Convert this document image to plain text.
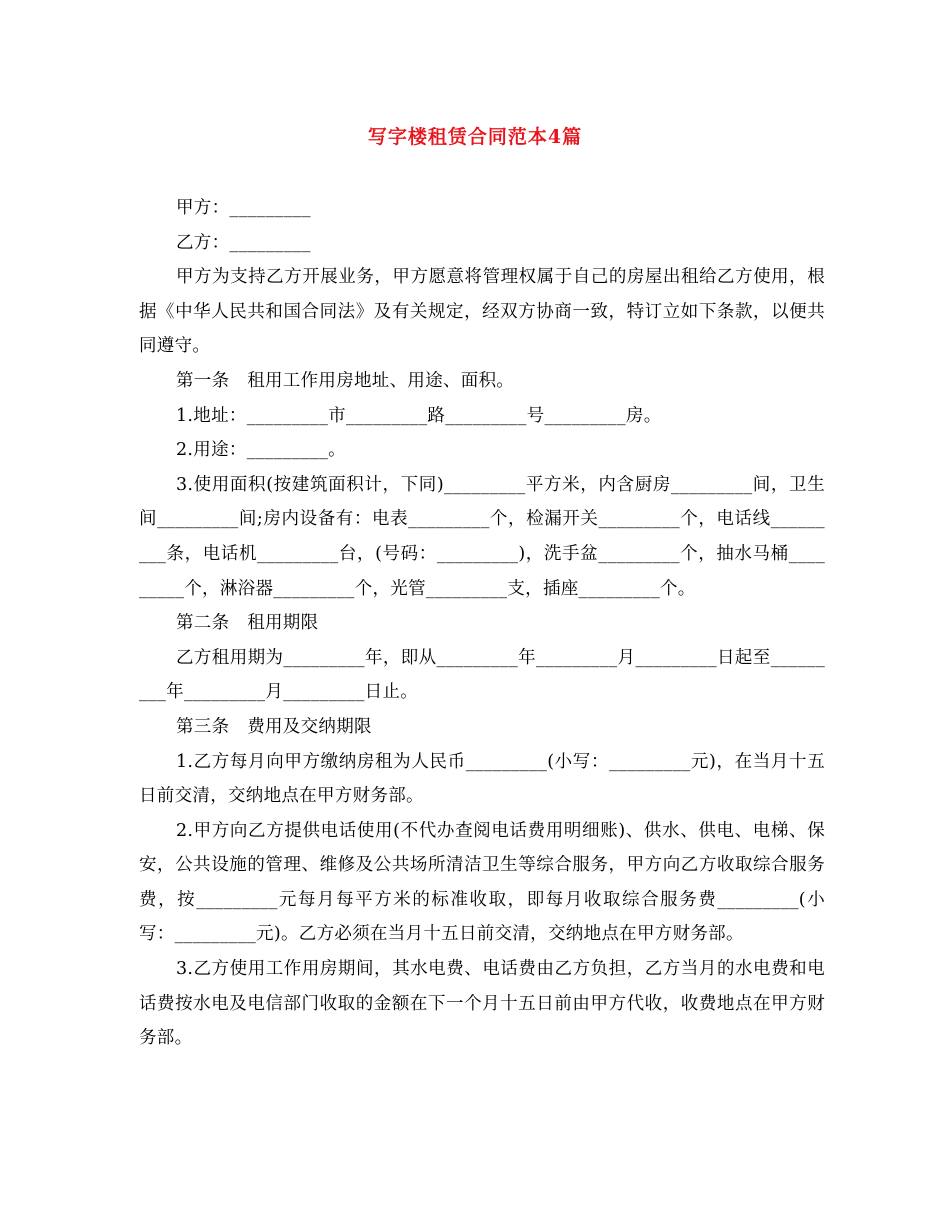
写字楼租赁合同范本4篇

甲方：_________

乙方：_________

甲方为支持乙方开展业务，甲方愿意将管理权属于自己的房屋出租给乙方使用，根据《中华人民共和国合同法》及有关规定，经双方协商一致，特订立如下条款，以便共同遵守。

第一条　租用工作用房地址、用途、面积。

1.地址：_________市_________路_________号_________房。

2.用途：_________。

3.使用面积(按建筑面积计，下同)_________平方米，内含厨房_________间，卫生间_________间;房内设备有：电表_________个，检漏开关_________个，电话线_________条，电话机_________台，(号码：_________)，洗手盆_________个，抽水马桶_________个，淋浴器_________个，光管_________支，插座_________个。

第二条　租用期限

乙方租用期为_________年，即从_________年_________月_________日起至_________年_________月_________日止。

第三条　费用及交纳期限

1.乙方每月向甲方缴纳房租为人民币_________(小写：_________元)，在当月十五日前交清，交纳地点在甲方财务部。

2.甲方向乙方提供电话使用(不代办查阅电话费用明细账)、供水、供电、电梯、保安，公共设施的管理、维修及公共场所清洁卫生等综合服务，甲方向乙方收取综合服务费，按_________元每月每平方米的标准收取，即每月收取综合服务费_________(小写：_________元)。乙方必须在当月十五日前交清，交纳地点在甲方财务部。

3.乙方使用工作用房期间，其水电费、电话费由乙方负担，乙方当月的水电费和电话费按水电及电信部门收取的金额在下一个月十五日前由甲方代收，收费地点在甲方财务部。
